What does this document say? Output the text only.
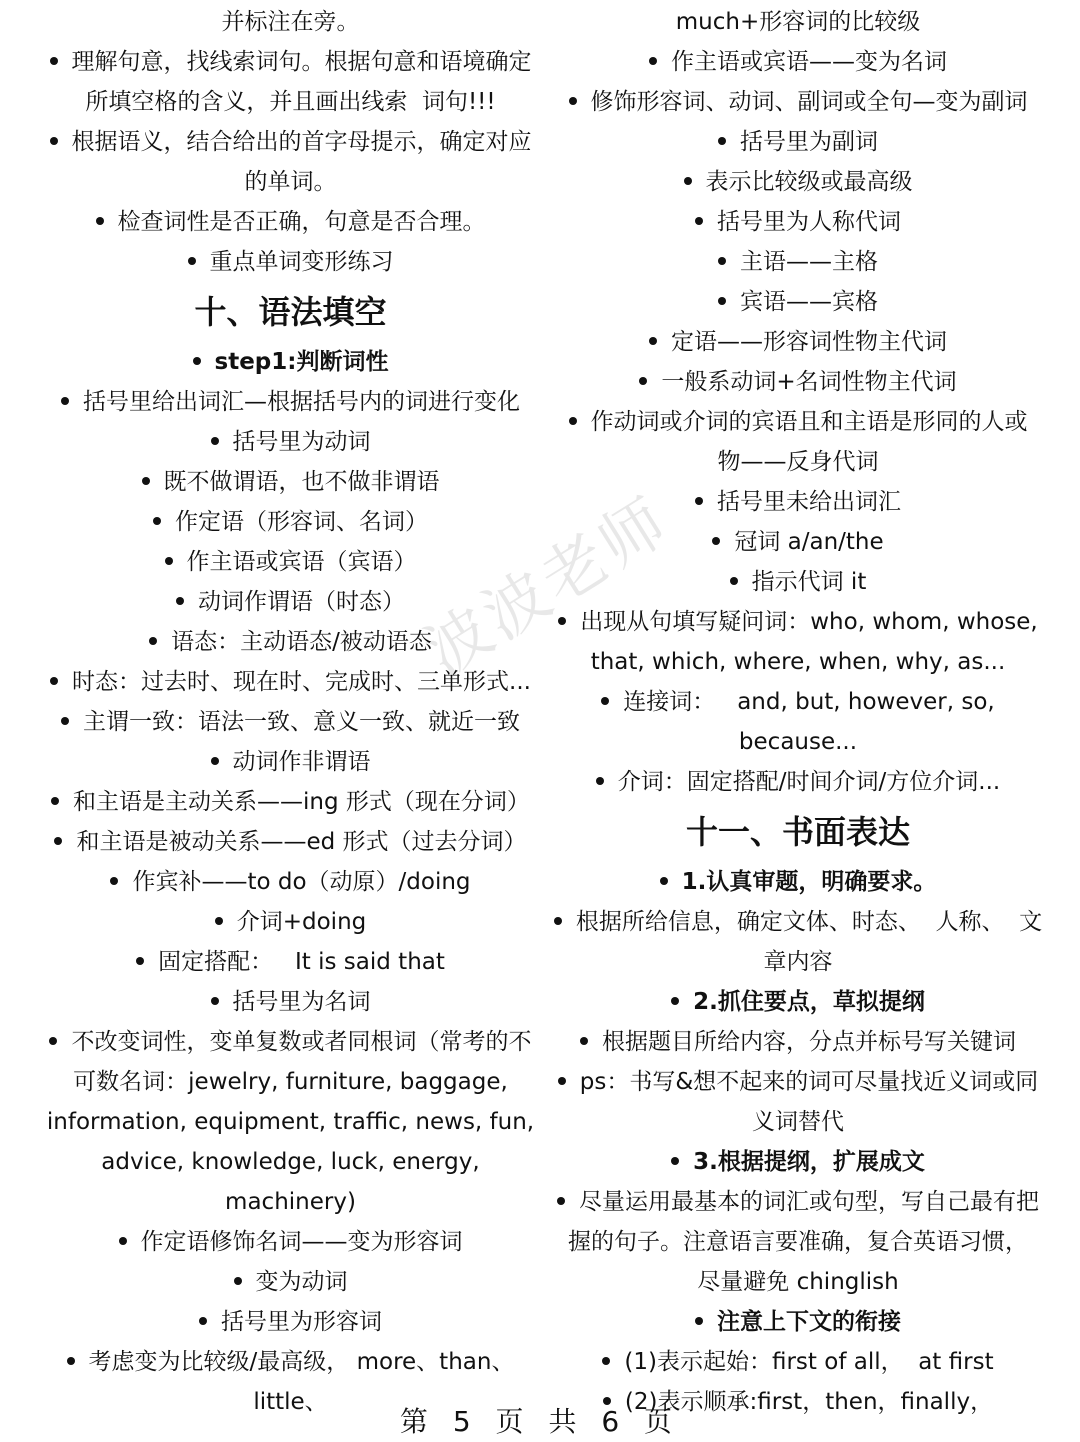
并标注在旁。
理解句意，找线索词句。根据句意和语境确定
所填空格的含义，并且画出线索  词句!!!
根据语义，结合给出的首字母提示，确定对应
的单词。
检查词性是否正确，句意是否合理。
重点单词变形练习
十、语法填空
step1:判断词性
括号里给出词汇—根据括号内的词进行变化
括号里为动词
既不做谓语，也不做非谓语
作定语（形容词、名词）
作主语或宾语（宾语）
动词作谓语（时态）
语态：主动语态/被动语态
时态：过去时、现在时、完成时、三单形式...
主谓一致：语法一致、意义一致、就近一致
动词作非谓语
和主语是主动关系——ing 形式（现在分词）
和主语是被动关系——ed 形式（过去分词）
作宾补——to do（动原）/doing
介词+doing
固定搭配：   It is said that
括号里为名词
不改变词性，变单复数或者同根词（常考的不
可数名词：jewelry, furniture, baggage,
information, equipment, traffic, news, fun,
advice, knowledge, luck, energy,
machinery)
作定语修饰名词——变为形容词
变为动词
括号里为形容词
考虑变为比较级/最高级， more、than、little、
much+形容词的比较级
作主语或宾语——变为名词
修饰形容词、动词、副词或全句—变为副词
括号里为副词
表示比较级或最高级
括号里为人称代词
主语——主格
宾语——宾格
定语——形容词性物主代词
一般系动词+名词性物主代词
作动词或介词的宾语且和主语是形同的人或
物——反身代词
括号里未给出词汇
冠词 a/an/the
指示代词 it
出现从句填写疑问词：who, whom, whose,
that, which, where, when, why, as...
连接词：   and, but, however, so, because...
介词：固定搭配/时间介词/方位介词...
十一、书面表达
1.认真审题，明确要求。
根据所给信息，确定文体、时态、  人称、  文
章内容
2.抓住要点，草拟提纲
根据题目所给内容，分点并标号写关键词
ps：书写&想不起来的词可尽量找近义词或同
义词替代
3.根据提纲，扩展成文
尽量运用最基本的词汇或句型，写自己最有把
握的句子。注意语言要准确，复合英语习惯，
尽量避免 chinglish
注意上下文的衔接
(1)表示起始：first of all，  at first
(2)表示顺承:first，then，finally，
波波老师
第 5 页 共 6 页
